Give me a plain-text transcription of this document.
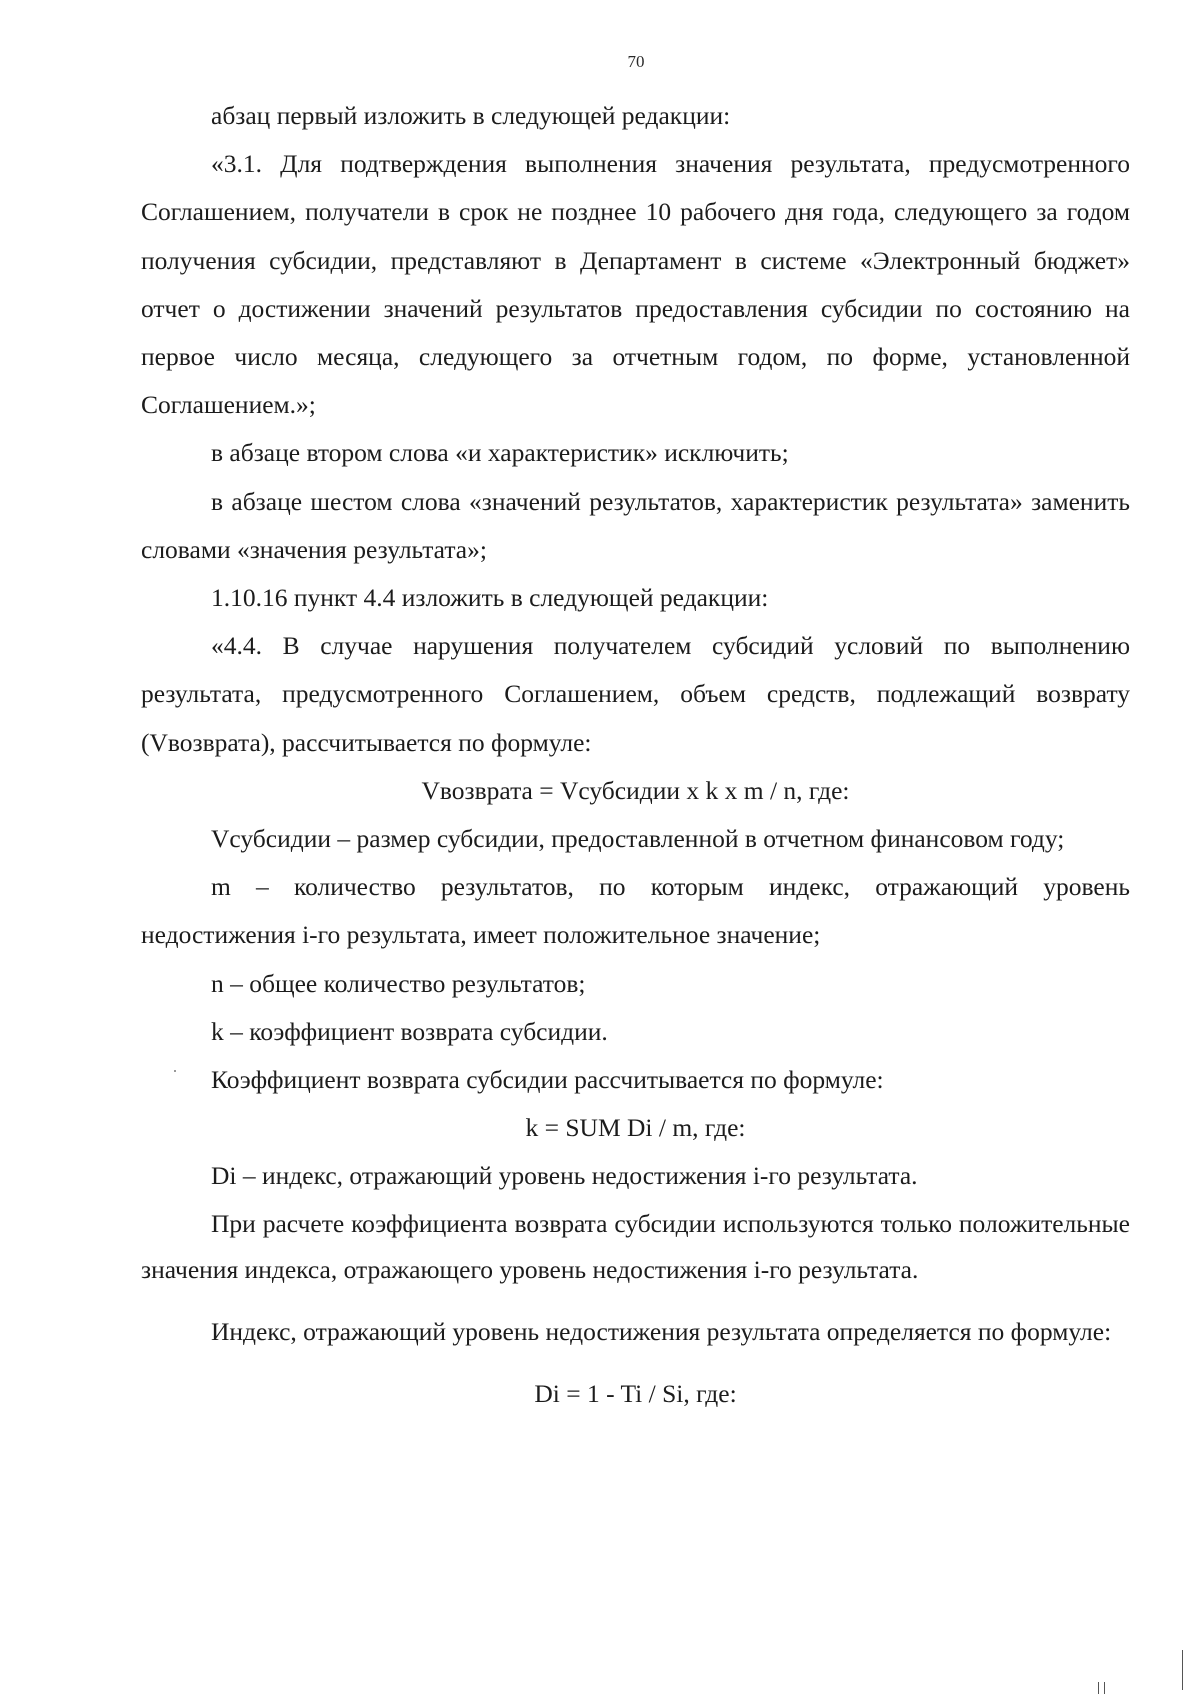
70

абзац первый изложить в следующей редакции:

«3.1. Для подтверждения выполнения значения результата, предусмотренного Соглашением, получатели в срок не позднее 10 рабочего дня года, следующего за годом получения субсидии, представляют в Департамент в системе «Электронный бюджет» отчет о достижении значений результатов предоставления субсидии по состоянию на первое число месяца, следующего за отчетным годом, по форме, установленной Соглашением.»;

в абзаце втором слова «и характеристик» исключить;

в абзаце шестом слова «значений результатов, характеристик результата» заменить словами «значения результата»;

1.10.16 пункт 4.4 изложить в следующей редакции:

«4.4. В случае нарушения получателем субсидий условий по выполнению результата, предусмотренного Соглашением, объем средств, подлежащий возврату (Vвозврата), рассчитывается по формуле:

Vвозврата = Vсубсидии x k x m / n, где:

Vсубсидии – размер субсидии, предоставленной в отчетном финансовом году;

m – количество результатов, по которым индекс, отражающий уровень недостижения i-го результата, имеет положительное значение;

n – общее количество результатов;

k – коэффициент возврата субсидии.

Коэффициент возврата субсидии рассчитывается по формуле:

k = SUM Di / m, где:

Di – индекс, отражающий уровень недостижения i-го результата.

При расчете коэффициента возврата субсидии используются только положительные значения индекса, отражающего уровень недостижения i-го результата.

Индекс, отражающий уровень недостижения результата определяется по формуле:

Di = 1 - Ti / Si, где:
